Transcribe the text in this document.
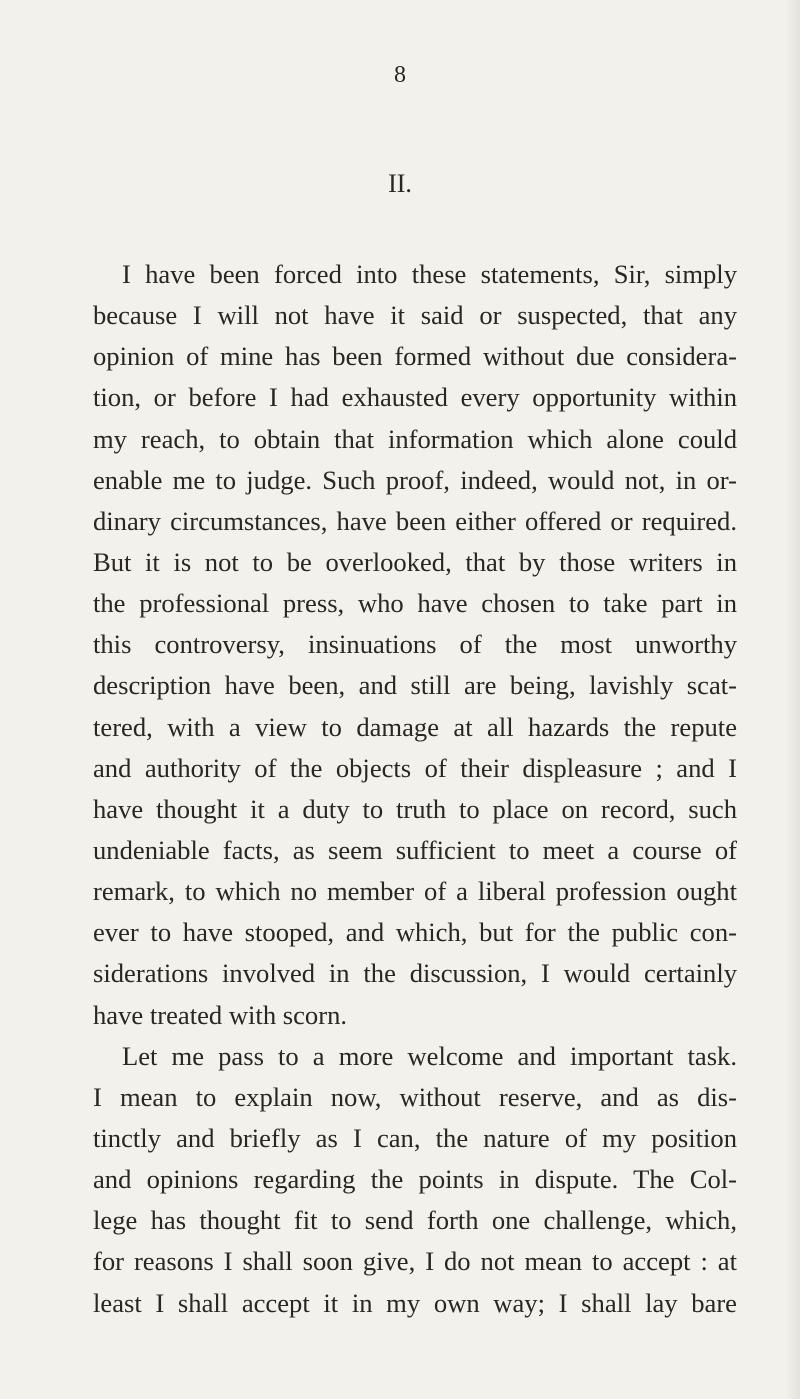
8
II.
I have been forced into these statements, Sir, simply
because I will not have it said or suspected, that any
opinion of mine has been formed without due considera-
tion, or before I had exhausted every opportunity within
my reach, to obtain that information which alone could
enable me to judge. Such proof, indeed, would not, in or-
dinary circumstances, have been either offered or required.
But it is not to be overlooked, that by those writers in
the professional press, who have chosen to take part in
this controversy, insinuations of the most unworthy
description have been, and still are being, lavishly scat-
tered, with a view to damage at all hazards the repute
and authority of the objects of their displeasure ; and I
have thought it a duty to truth to place on record, such
undeniable facts, as seem sufficient to meet a course of
remark, to which no member of a liberal profession ought
ever to have stooped, and which, but for the public con-
siderations involved in the discussion, I would certainly
have treated with scorn.
Let me pass to a more welcome and important task.
I mean to explain now, without reserve, and as dis-
tinctly and briefly as I can, the nature of my position
and opinions regarding the points in dispute. The Col-
lege has thought fit to send forth one challenge, which,
for reasons I shall soon give, I do not mean to accept : at
least I shall accept it in my own way; I shall lay bare
